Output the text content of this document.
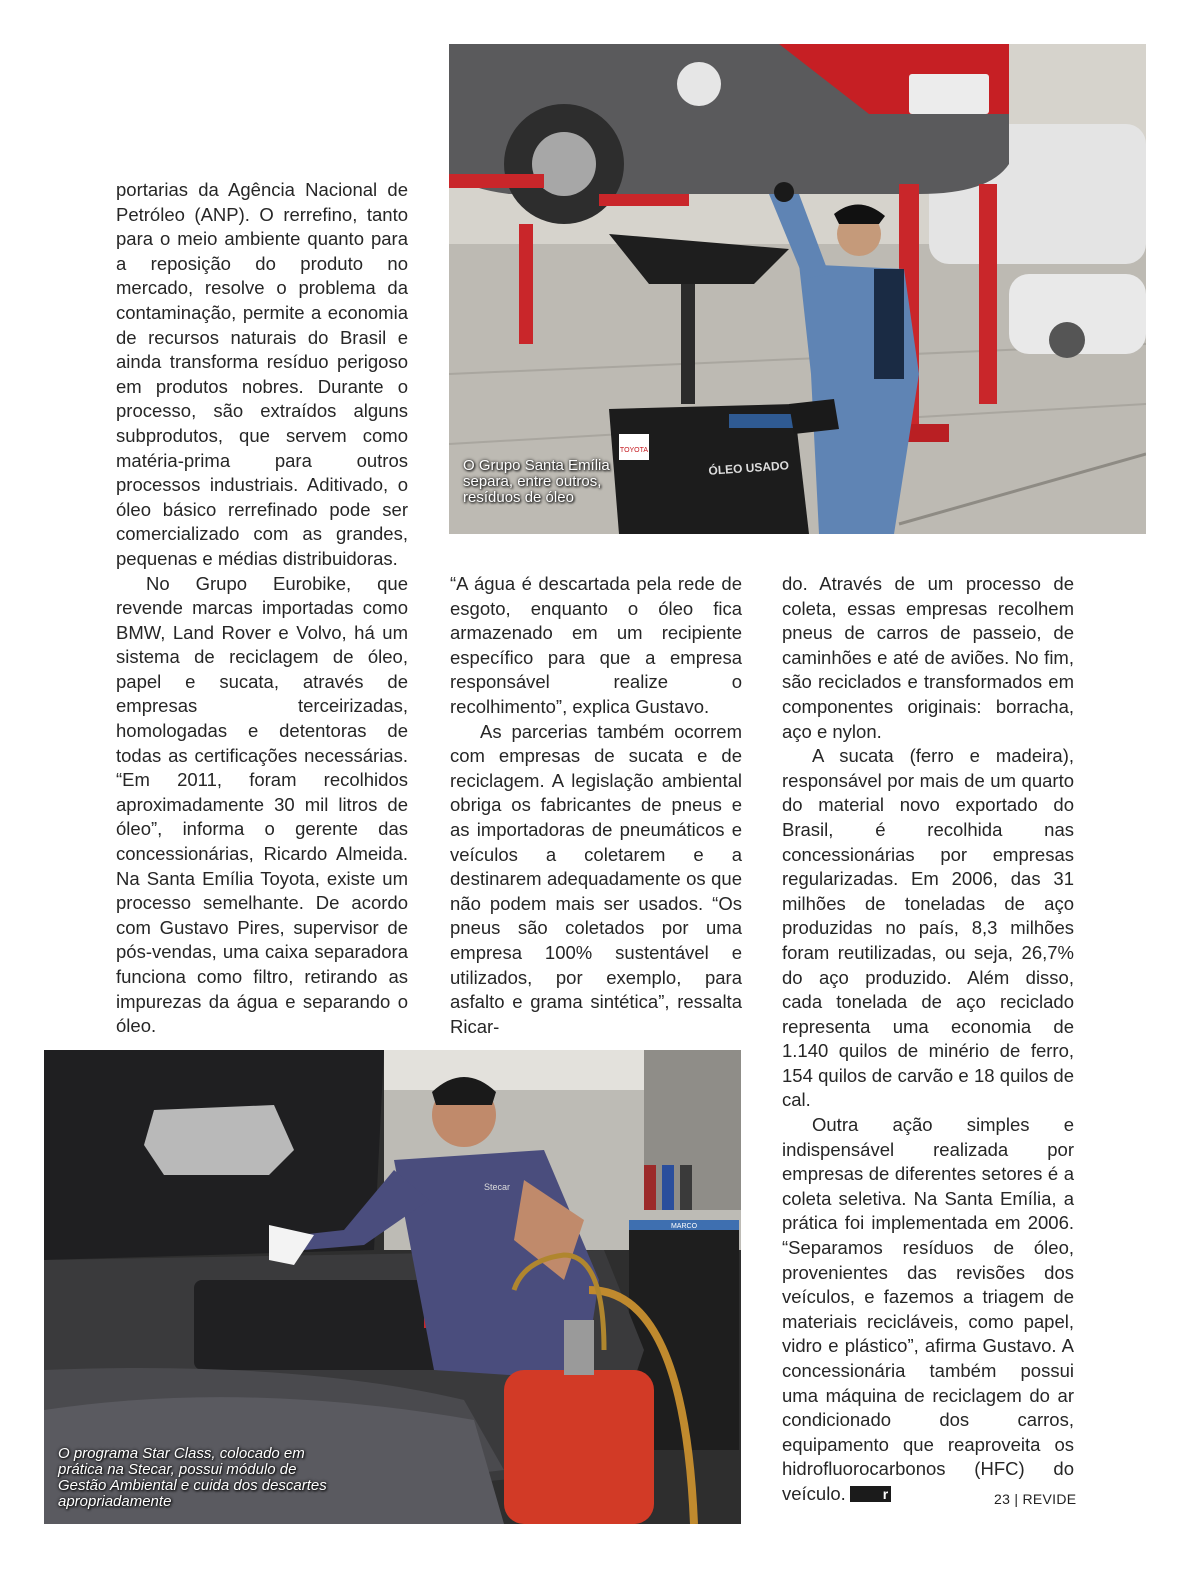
portarias da Agência Nacional de Petróleo (ANP). O rerrefino, tanto para o meio ambiente quanto para a reposição do produto no mercado, resolve o problema da contaminação, permite a economia de recursos naturais do Brasil e ainda transforma resíduo perigoso em produtos nobres. Durante o processo, são extraídos alguns subprodutos, que servem como matéria-prima para outros processos industriais. Aditivado, o óleo básico rerrefinado pode ser comercializado com as grandes, pequenas e médias distribuidoras.

No Grupo Eurobike, que revende marcas importadas como BMW, Land Rover e Volvo, há um sistema de reciclagem de óleo, papel e sucata, através de empresas terceirizadas, homologadas e detentoras de todas as certificações necessárias. “Em 2011, foram recolhidos aproximadamente 30 mil litros de óleo”, informa o gerente das concessionárias, Ricardo Almeida. Na Santa Emília Toyota, existe um processo semelhante. De acordo com Gustavo Pires, supervisor de pós-vendas, uma caixa separadora funciona como filtro, retirando as impurezas da água e separando o óleo.

“A água é descartada pela rede de esgoto, enquanto o óleo fica armazenado em um recipiente específico para que a empresa responsável realize o recolhimento”, explica Gustavo.

As parcerias também ocorrem com empresas de sucata e de reciclagem. A legislação ambiental obriga os fabricantes de pneus e as importadoras de pneumáticos e veículos a coletarem e a destinarem adequadamente os que não podem mais ser usados. “Os pneus são coletados por uma empresa 100% sustentável e utilizados, por exemplo, para asfalto e grama sintética”, ressalta Ricar-

do. Através de um processo de coleta, essas empresas recolhem pneus de carros de passeio, de caminhões e até de aviões. No fim, são reciclados e transformados em componentes originais: borracha, aço e nylon.

A sucata (ferro e madeira), responsável por mais de um quarto do material novo exportado do Brasil, é recolhida nas concessionárias por empresas regularizadas. Em 2006, das 31 milhões de toneladas de aço produzidas no país, 8,3 milhões foram reutilizadas, ou seja, 26,7% do aço produzido. Além disso, cada tonelada de aço reciclado representa uma economia de 1.140 quilos de minério de ferro, 154 quilos de carvão e 18 quilos de cal.

Outra ação simples e indispensável realizada por empresas de diferentes setores é a coleta seletiva. Na Santa Emília, a prática foi implementada em 2006. “Separamos resíduos de óleo, provenientes das revisões dos veículos, e fazemos a triagem de materiais recicláveis, como papel, vidro e plástico”, afirma Gustavo. A concessionária também possui uma máquina de reciclagem do ar condicionado dos carros, equipamento que reaproveita os hidrofluorocarbonos (HFC) do veículo.	r

TOYOTA
ÓLEO USADO
O Grupo Santa Emília separa, entre outros, resíduos de óleo
MARCO
Stecar
O programa Star Class, colocado em prática na Stecar, possui módulo de Gestão Ambiental e cuida dos descartes apropriadamente	23 | REVIDE
